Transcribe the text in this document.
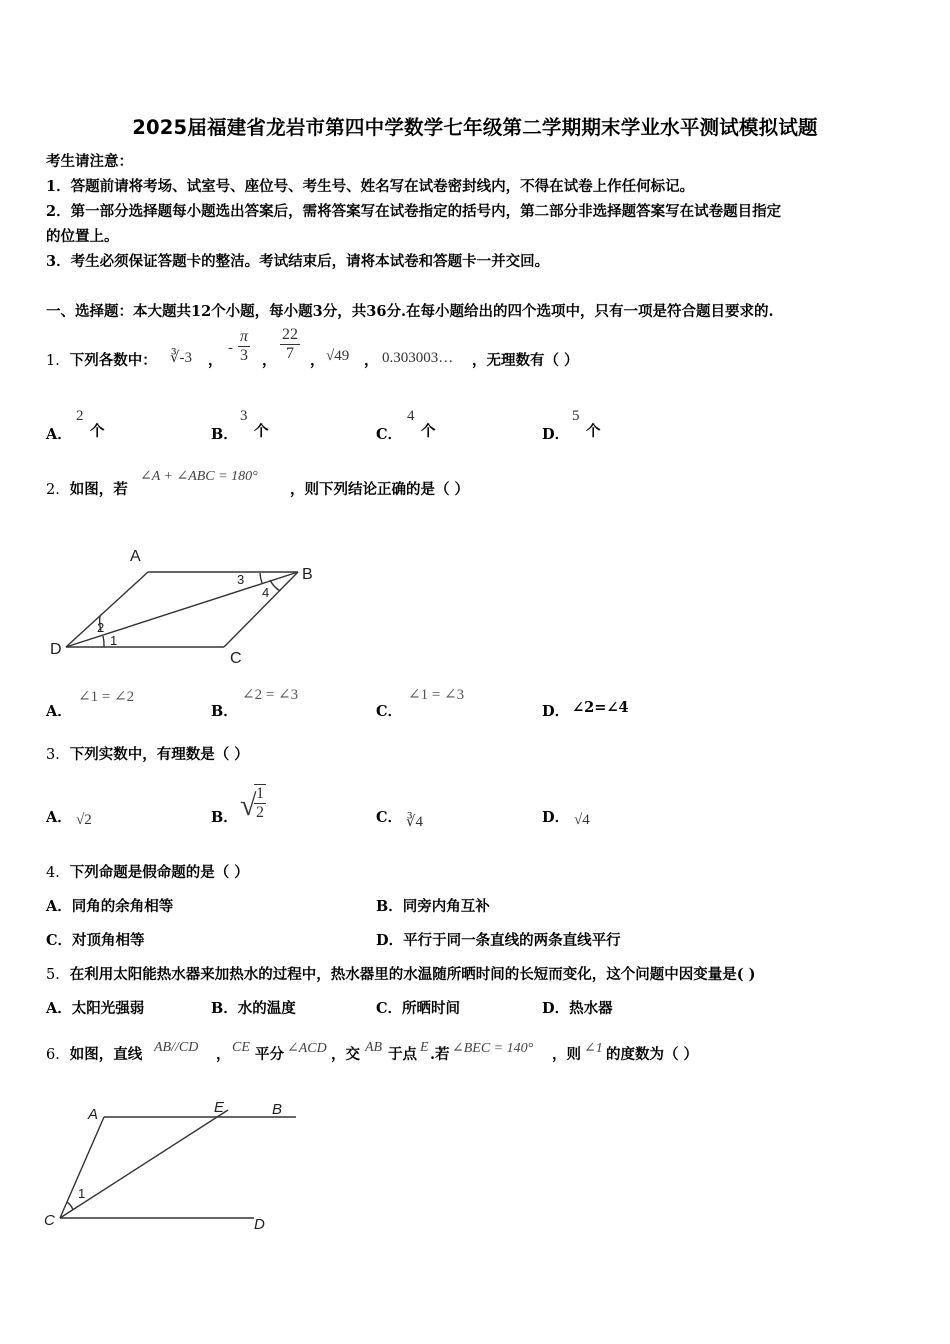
2025届福建省龙岩市第四中学数学七年级第二学期期末学业水平测试模拟试题
考生请注意：
1．答题前请将考场、试室号、座位号、考生号、姓名写在试卷密封线内，不得在试卷上作任何标记。
2．第一部分选择题每小题选出答案后，需将答案写在试卷指定的括号内，第二部分非选择题答案写在试卷题目指定
的位置上。
3．考生必须保证答题卡的整洁。考试结束后，请将本试卷和答题卡一并交回。
一、选择题：本大题共12个小题，每小题3分，共36分.在每小题给出的四个选项中，只有一项是符合题目要求的.
1．下列各数中： ∛-3 ，
- $\frac{\pi}{3}$ ， $\frac{22}{7}$ ， √49 ， 0.303003… ，无理数有（ ）
A．
2
个	B．
3
个	C．
4
个	D．
5
个
2．如图，若
∠A + ∠ABC = 180°
，则下列结论正确的是（ ）
A
B
C
D
1
2
3
4
A．
∠1 = ∠2
B．
∠2 = ∠3
C．
∠1 = ∠3
D． ∠2=∠4
3．下列实数中，有理数是（ ）
A． √2	B． √
$\frac{1}{2}$	C． ∛4	D． √4
4．下列命题是假命题的是（ ）
A．同角的余角相等	B．同旁内角互补
C．对顶角相等	D．平行于同一条直线的两条直线平行
5．在利用太阳能热水器来加热水的过程中，热水器里的水温随所晒时间的长短而变化，这个问题中因变量是( )
A．太阳光强弱	B．水的温度	C．所晒时间	D．热水器
6．如图，直线 AB//CD ， CE 平分 ∠ACD ，交 AB 于点 E .若 ∠BEC = 140° ，则 ∠1 的度数为（ ）
A	E	B
C	D
1
